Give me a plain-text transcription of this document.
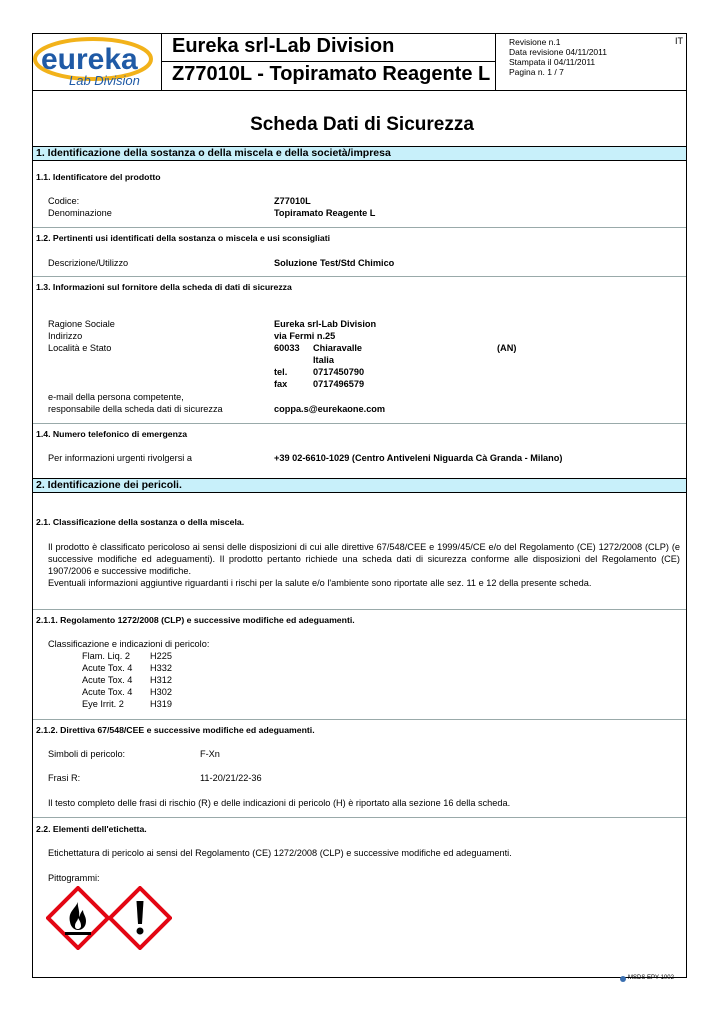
eureka
Lab Division
Eureka srl-Lab Division
Z77010L - Topiramato Reagente L
Revisione n.1
Data revisione 04/11/2011
Stampata il 04/11/2011
Pagina n. 1 / 7
IT
Scheda Dati di Sicurezza
1. Identificazione della sostanza o della miscela e della società/impresa
1.1. Identificatore del prodotto
Codice:	Z77010L
Denominazione	Topiramato Reagente L
1.2. Pertinenti usi identificati della sostanza o miscela e usi sconsigliati
Descrizione/Utilizzo	Soluzione Test/Std Chimico
1.3. Informazioni sul fornitore della scheda di dati di sicurezza
Ragione Sociale	Eureka srl-Lab Division
Indirizzo	via Fermi n.25
Località e Stato	60033 Chiaravalle	(AN)
Italia
tel.	0717450790
fax	0717496579
e-mail della persona competente,
responsabile della scheda dati di sicurezza	coppa.s@eurekaone.com
1.4. Numero telefonico di emergenza
Per informazioni urgenti rivolgersi a	+39 02-6610-1029 (Centro Antiveleni Niguarda Cà Granda - Milano)
2. Identificazione dei pericoli.
2.1. Classificazione della sostanza o della miscela.
Il prodotto è classificato pericoloso ai sensi delle disposizioni di cui alle direttive 67/548/CEE e 1999/45/CE e/o del Regolamento (CE) 1272/2008 (CLP) (e successive modifiche ed adeguamenti). Il prodotto pertanto richiede una scheda dati di sicurezza conforme alle disposizioni del Regolamento (CE) 1907/2006 e successive modifiche.
Eventuali informazioni aggiuntive riguardanti i rischi per la salute e/o l'ambiente sono riportate alle sez. 11 e 12 della presente scheda.
2.1.1. Regolamento 1272/2008 (CLP) e successive modifiche ed adeguamenti.
Classificazione e indicazioni di pericolo:
Flam. Liq. 2 H225
Acute Tox. 4 H332
Acute Tox. 4 H312
Acute Tox. 4 H302
Eye Irrit. 2	H319
2.1.2. Direttiva 67/548/CEE e successive modifiche ed adeguamenti.
Simboli di pericolo:	F-Xn
Frasi R:	11-20/21/22-36
Il testo completo delle frasi di rischio (R) e delle indicazioni di pericolo (H) è riportato alla sezione 16 della scheda.
2.2. Elementi dell'etichetta.
Etichettatura di pericolo ai sensi del Regolamento (CE) 1272/2008 (CLP) e successive modifiche ed adeguamenti.
Pittogrammi:
MSDS EPY 1002
